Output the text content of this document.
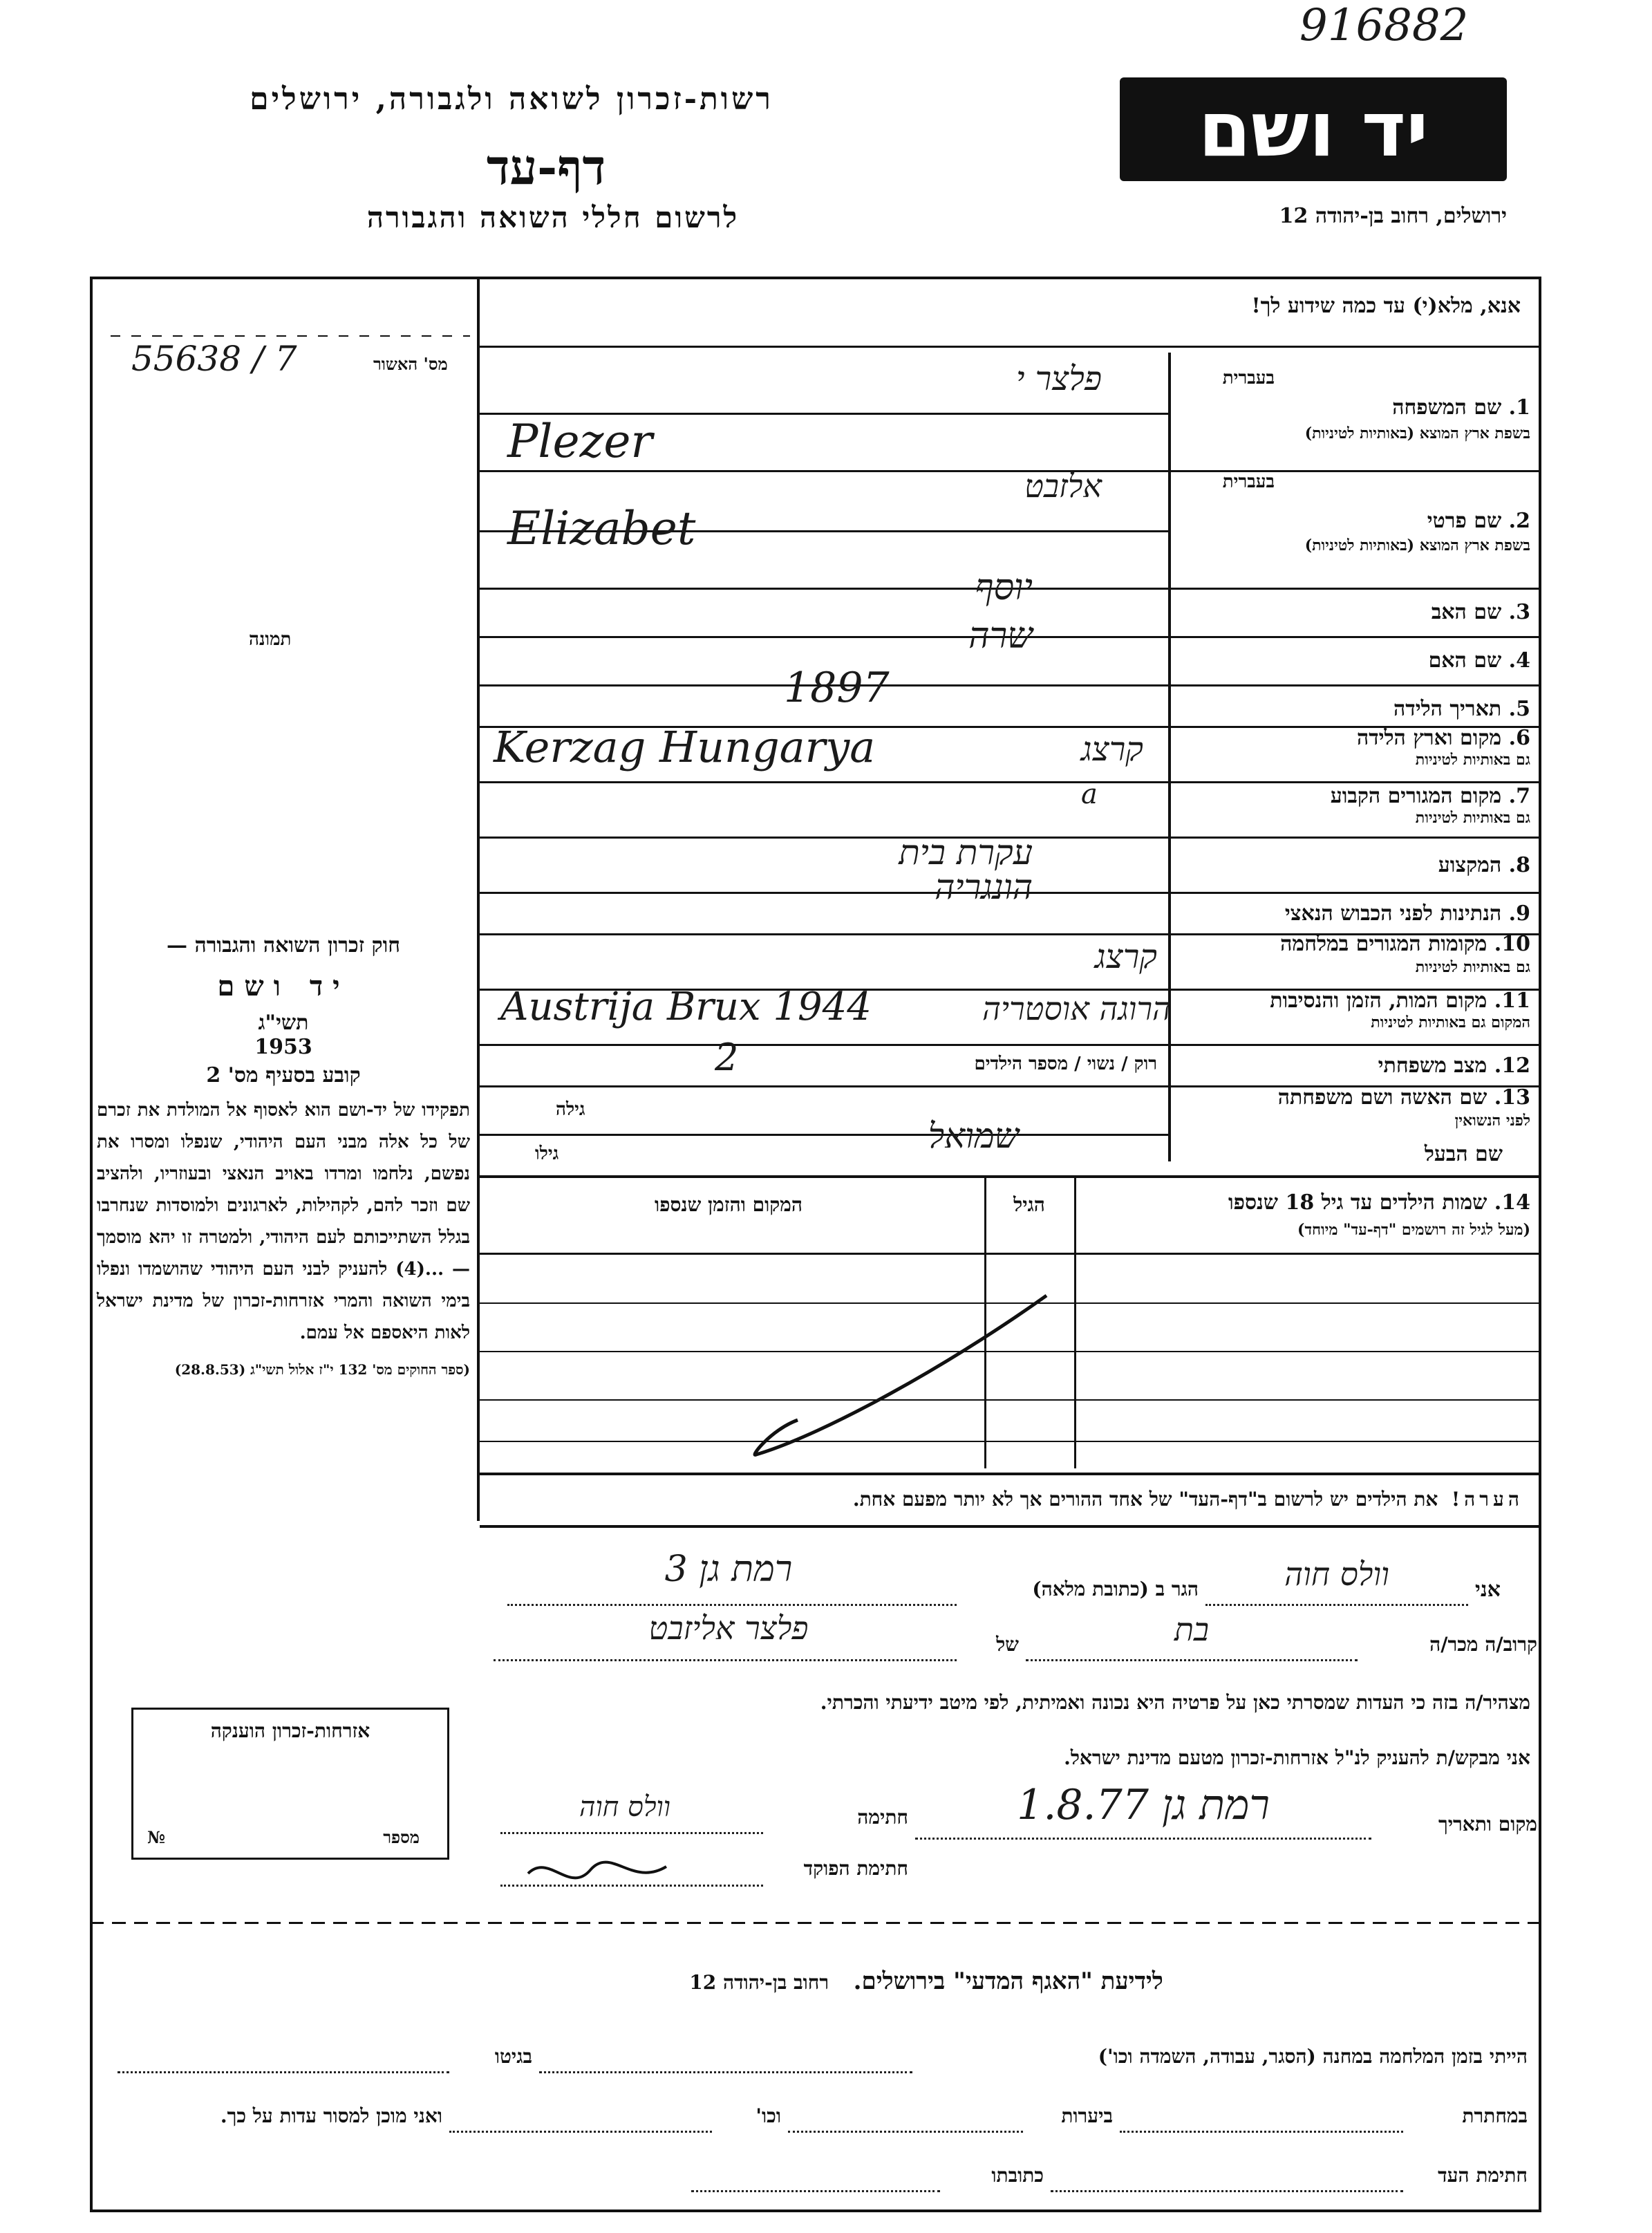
916882
רשות-זכרון לשואה ולגבורה, ירושלים
דף-עד
לרשום חללי השואה והגבורה
יד ושם
ירושלים, רחוב בן-יהודה 12
אנא, מלא(י) עד כמה שידוע לך!
55638 / 7	מס' האשור
תמונה
בעברית
1. שם המשפחה
בשפת ארץ המוצא (באותיות לטיניות)
פלצר י
Plezer
בעברית
2. שם פרטי
בשפת ארץ המוצא (באותיות לטיניות)
אלזבט
Elizabet
3. שם האב
יוסף
4. שם האם
שרה
5. תאריך הלידה
1897
6. מקום וארץ הלידה
גם באותיות לטיניות
Kerzag Hungarya	קרצג
7. מקום המגורים הקבוע
גם באותיות לטיניות
a
8. המקצוע
עקרת בית
9. הנתינות לפני הכבוש הנאצי
הונגריה
10. מקומות המגורים במלחמה
גם באותיות לטיניות
קרצג
11. מקום המות, הזמן והנסיבות
המקום גם באותיות לטיניות
Austrija Brux 1944	הרוגה אוסטריה
12. מצב משפחתי
רוק / נשוי / מספר הילדים
2
13. שם האשה ושם משפחתה
לפני הנשואין
גילה
שם הבעל
גילו	שמואל
14. שמות הילדים עד גיל 18 שנספו
(מעל לגיל זה רושמים "דף-עד" מיוחד)
הגיל
המקום והזמן שנספו
הערה!  את הילדים יש לרשום ב"דף-העד" של אחד ההורים אך לא יותר מפעם אחת.
חוק זכרון השואה והגבורה —
יד ושם
תשי"ג
1953
קובע בסעיף מס' 2
תפקידו של יד-ושם הוא לאסוף אל המולדת את זכרם של כל אלה מבני העם היהודי, שנפלו ומסרו את נפשם, נלחמו ומרדו באויב הנאצי ובעוזריו, ולהציב שם וזכר להם, לקהילות, לארגונים ולמוסדות שנחרבו בגלל השתייכותם לעם היהודי, ולמטרה זו יהא מוסמך — ...(4) להעניק לבני העם היהודי שהושמדו ונפלו בימי השואה והמרי אזרחות-זכרון של מדינת ישראל לאות היאספם אל עמם.
(ספר החוקים מס' 132 י"ז אלול תשי"ג (28.8.53)
אני
וולס חוה
הגר ב (כתובת מלאה)
רמת גן 3
קרוב/ה מכר/ה
בת
של
פלצר אליזבט
מצהיר/ה בזה כי העדות שמסרתי כאן על פרטיה היא נכונה ואמיתית, לפי מיטב ידיעתי והכרתי.
אני מבקש/ת להעניק לנ"ל אזרחות-זכרון מטעם מדינת ישראל.
מקום ותאריך
רמת גן 1.8.77
חתימה
וולס חוה
חתימת הפוקד
אזרחות-זכרון הוענקה
מספר
№
לידיעת "האגף המדעי" בירושלים.   רחוב בן-יהודה 12
הייתי בזמן המלחמה במחנה (הסגר, עבודה, השמדה וכו')
בגיטו
במחתרת
ביערות
וכו'
ואני מוכן למסור עדות על כך.
חתימת העד
כתובתו
